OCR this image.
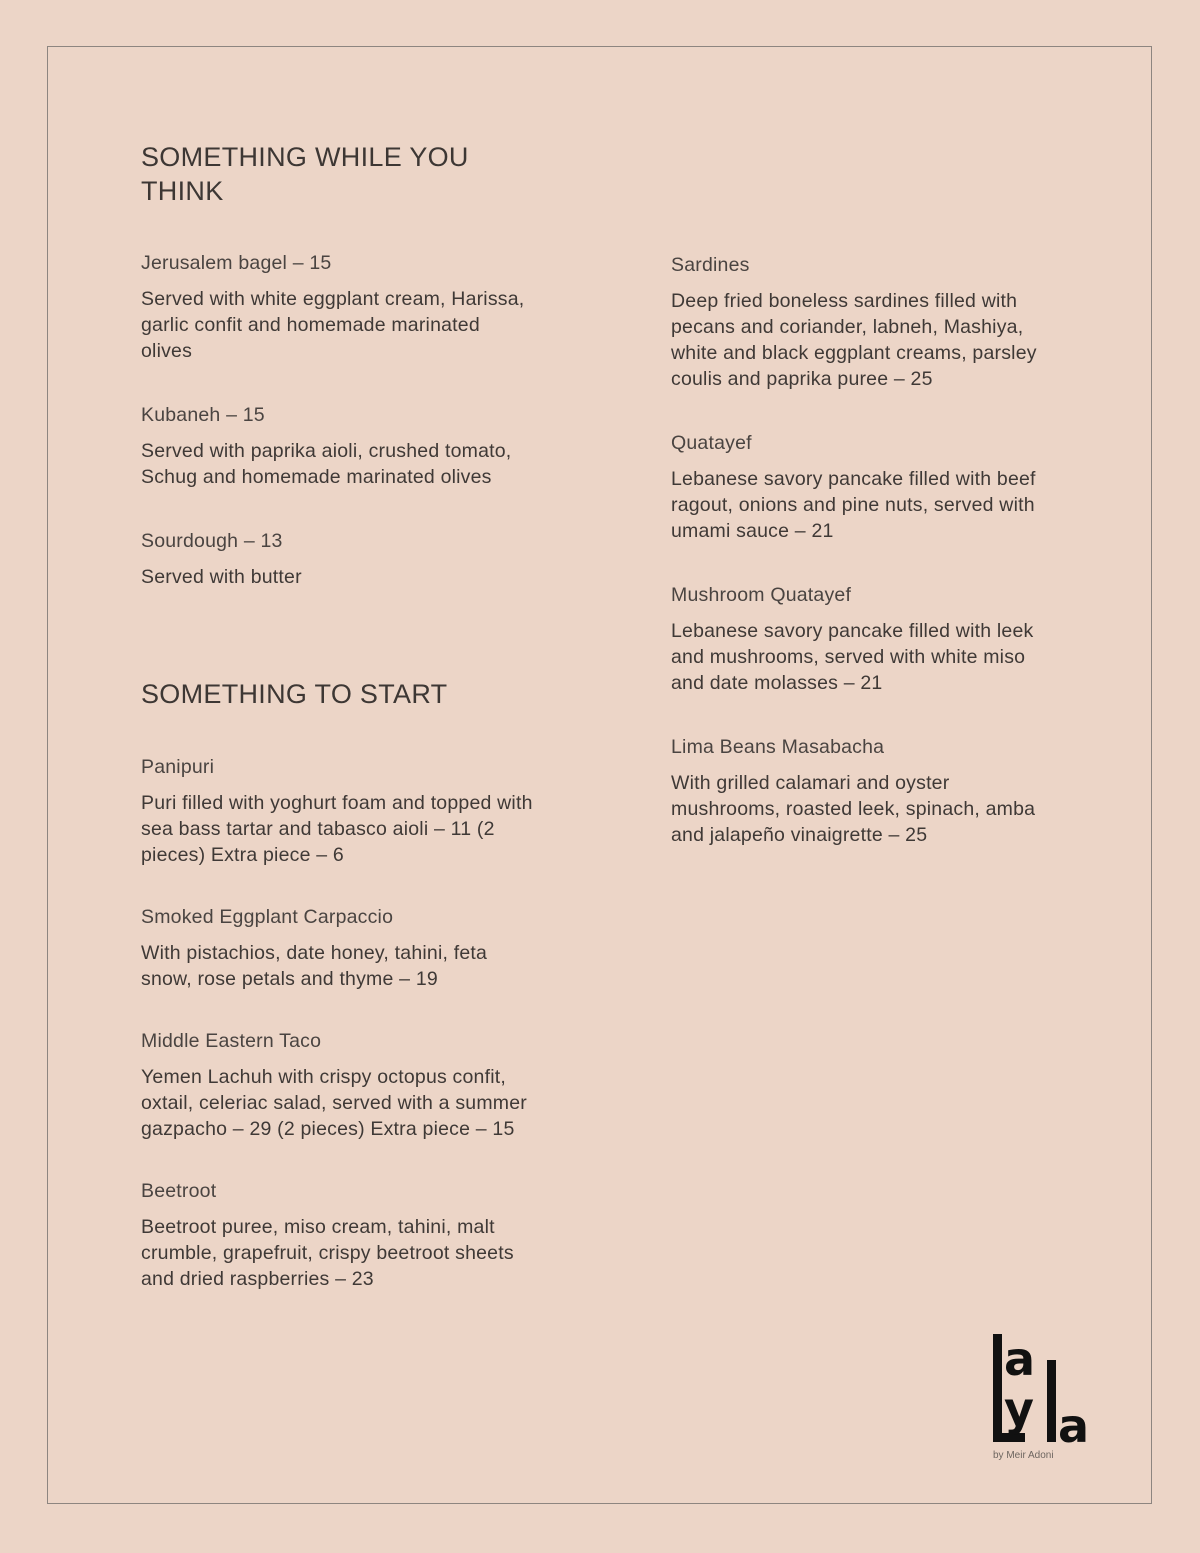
SOMETHING WHILE YOU THINK

Jerusalem bagel – 15

Served with white eggplant cream, Harissa, garlic confit and homemade marinated olives

Kubaneh – 15

Served with paprika aioli, crushed tomato, Schug and homemade marinated olives

Sourdough – 13

Served with butter

SOMETHING TO START

Panipuri

Puri filled with yoghurt foam and topped with sea bass tartar and tabasco aioli – 11 (2 pieces) Extra piece – 6

Smoked Eggplant Carpaccio

With pistachios, date honey, tahini, feta snow, rose petals and thyme – 19

Middle Eastern Taco

Yemen Lachuh with crispy octopus confit, oxtail, celeriac salad, served with a summer gazpacho – 29 (2 pieces) Extra piece – 15

Beetroot

Beetroot puree, miso cream, tahini, malt crumble, grapefruit, crispy beetroot sheets and dried raspberries – 23

Sardines

Deep fried boneless sardines filled with pecans and coriander, labneh, Mashiya, white and black eggplant creams, parsley coulis and paprika puree – 25

Quatayef

Lebanese savory pancake filled with beef ragout, onions and pine nuts, served with umami sauce – 21

Mushroom Quatayef

Lebanese savory pancake filled with leek and mushrooms, served with white miso and date molasses – 21

Lima Beans Masabacha

With grilled calamari and oyster mushrooms, roasted leek, spinach, amba and jalapeño vinaigrette – 25

a
y a
by Meir Adoni
